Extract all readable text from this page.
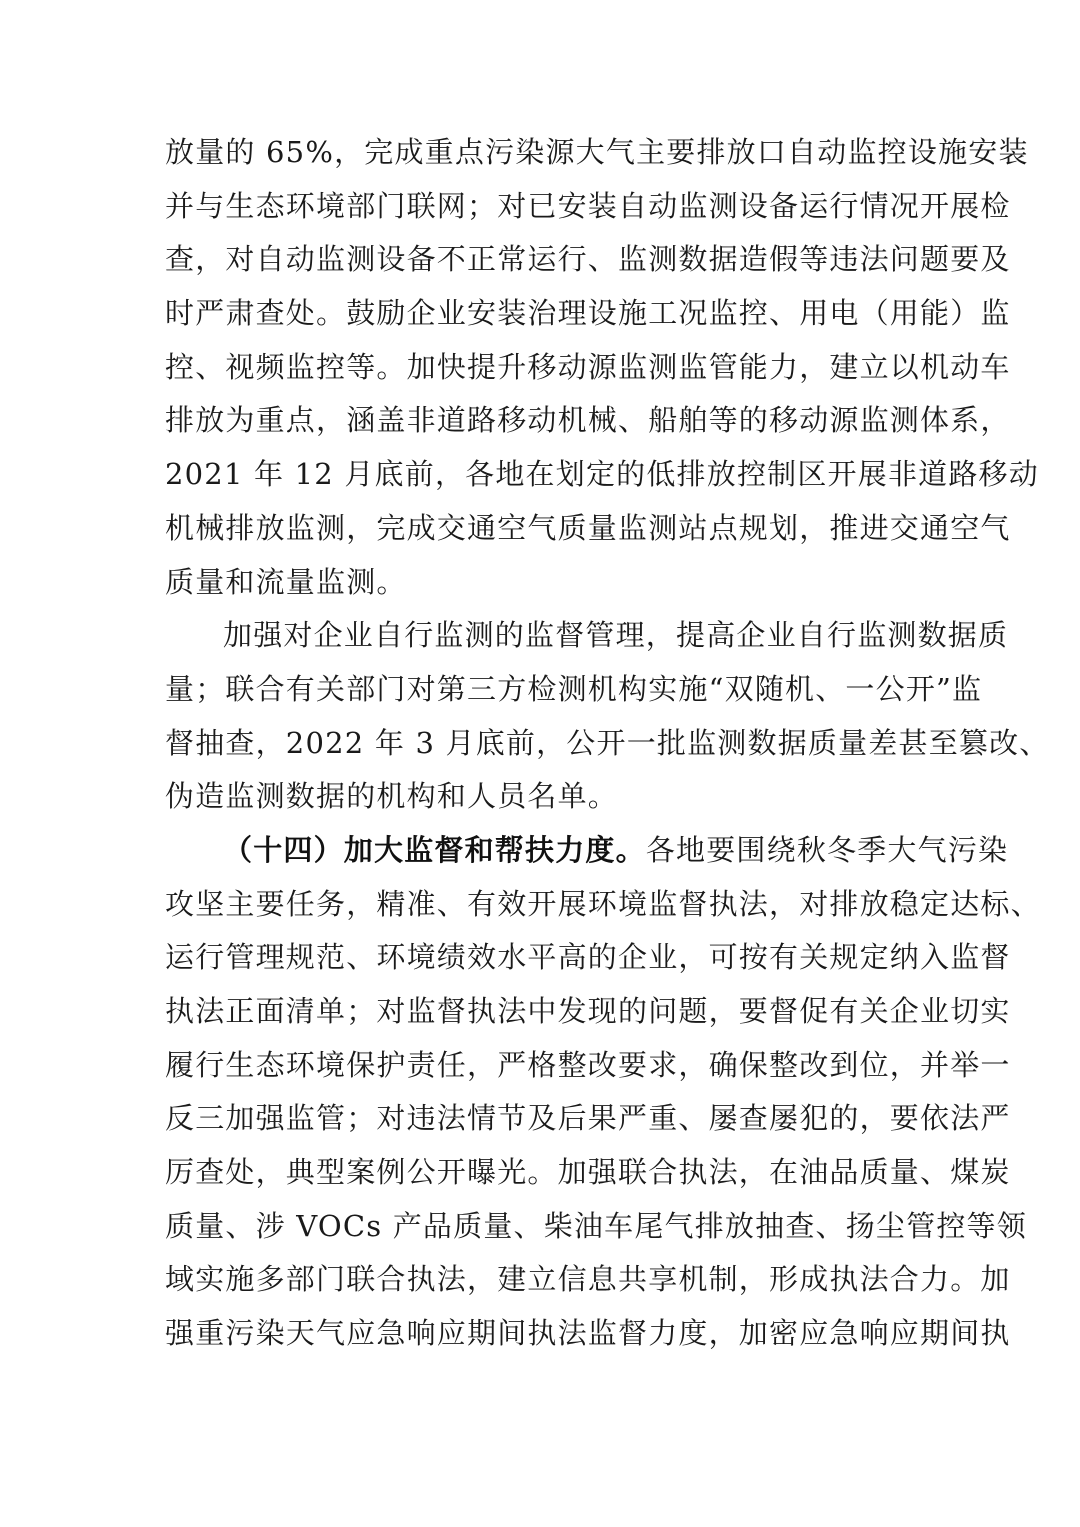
放量的 65%，完成重点污染源大气主要排放口自动监控设施安装
并与生态环境部门联网；对已安装自动监测设备运行情况开展检
查，对自动监测设备不正常运行、监测数据造假等违法问题要及
时严肃查处。鼓励企业安装治理设施工况监控、用电（用能）监
控、视频监控等。加快提升移动源监测监管能力，建立以机动车
排放为重点，涵盖非道路移动机械、船舶等的移动源监测体系，
2021 年 12 月底前，各地在划定的低排放控制区开展非道路移动
机械排放监测，完成交通空气质量监测站点规划，推进交通空气
质量和流量监测。
加强对企业自行监测的监督管理，提高企业自行监测数据质
量；联合有关部门对第三方检测机构实施“双随机、一公开”监
督抽查，2022 年 3 月底前，公开一批监测数据质量差甚至篡改、
伪造监测数据的机构和人员名单。
（十四）加大监督和帮扶力度。各地要围绕秋冬季大气污染
攻坚主要任务，精准、有效开展环境监督执法，对排放稳定达标、
运行管理规范、环境绩效水平高的企业，可按有关规定纳入监督
执法正面清单；对监督执法中发现的问题，要督促有关企业切实
履行生态环境保护责任，严格整改要求，确保整改到位，并举一
反三加强监管；对违法情节及后果严重、屡查屡犯的，要依法严
厉查处，典型案例公开曝光。加强联合执法，在油品质量、煤炭
质量、涉 VOCs 产品质量、柴油车尾气排放抽查、扬尘管控等领
域实施多部门联合执法，建立信息共享机制，形成执法合力。加
强重污染天气应急响应期间执法监督力度，加密应急响应期间执
